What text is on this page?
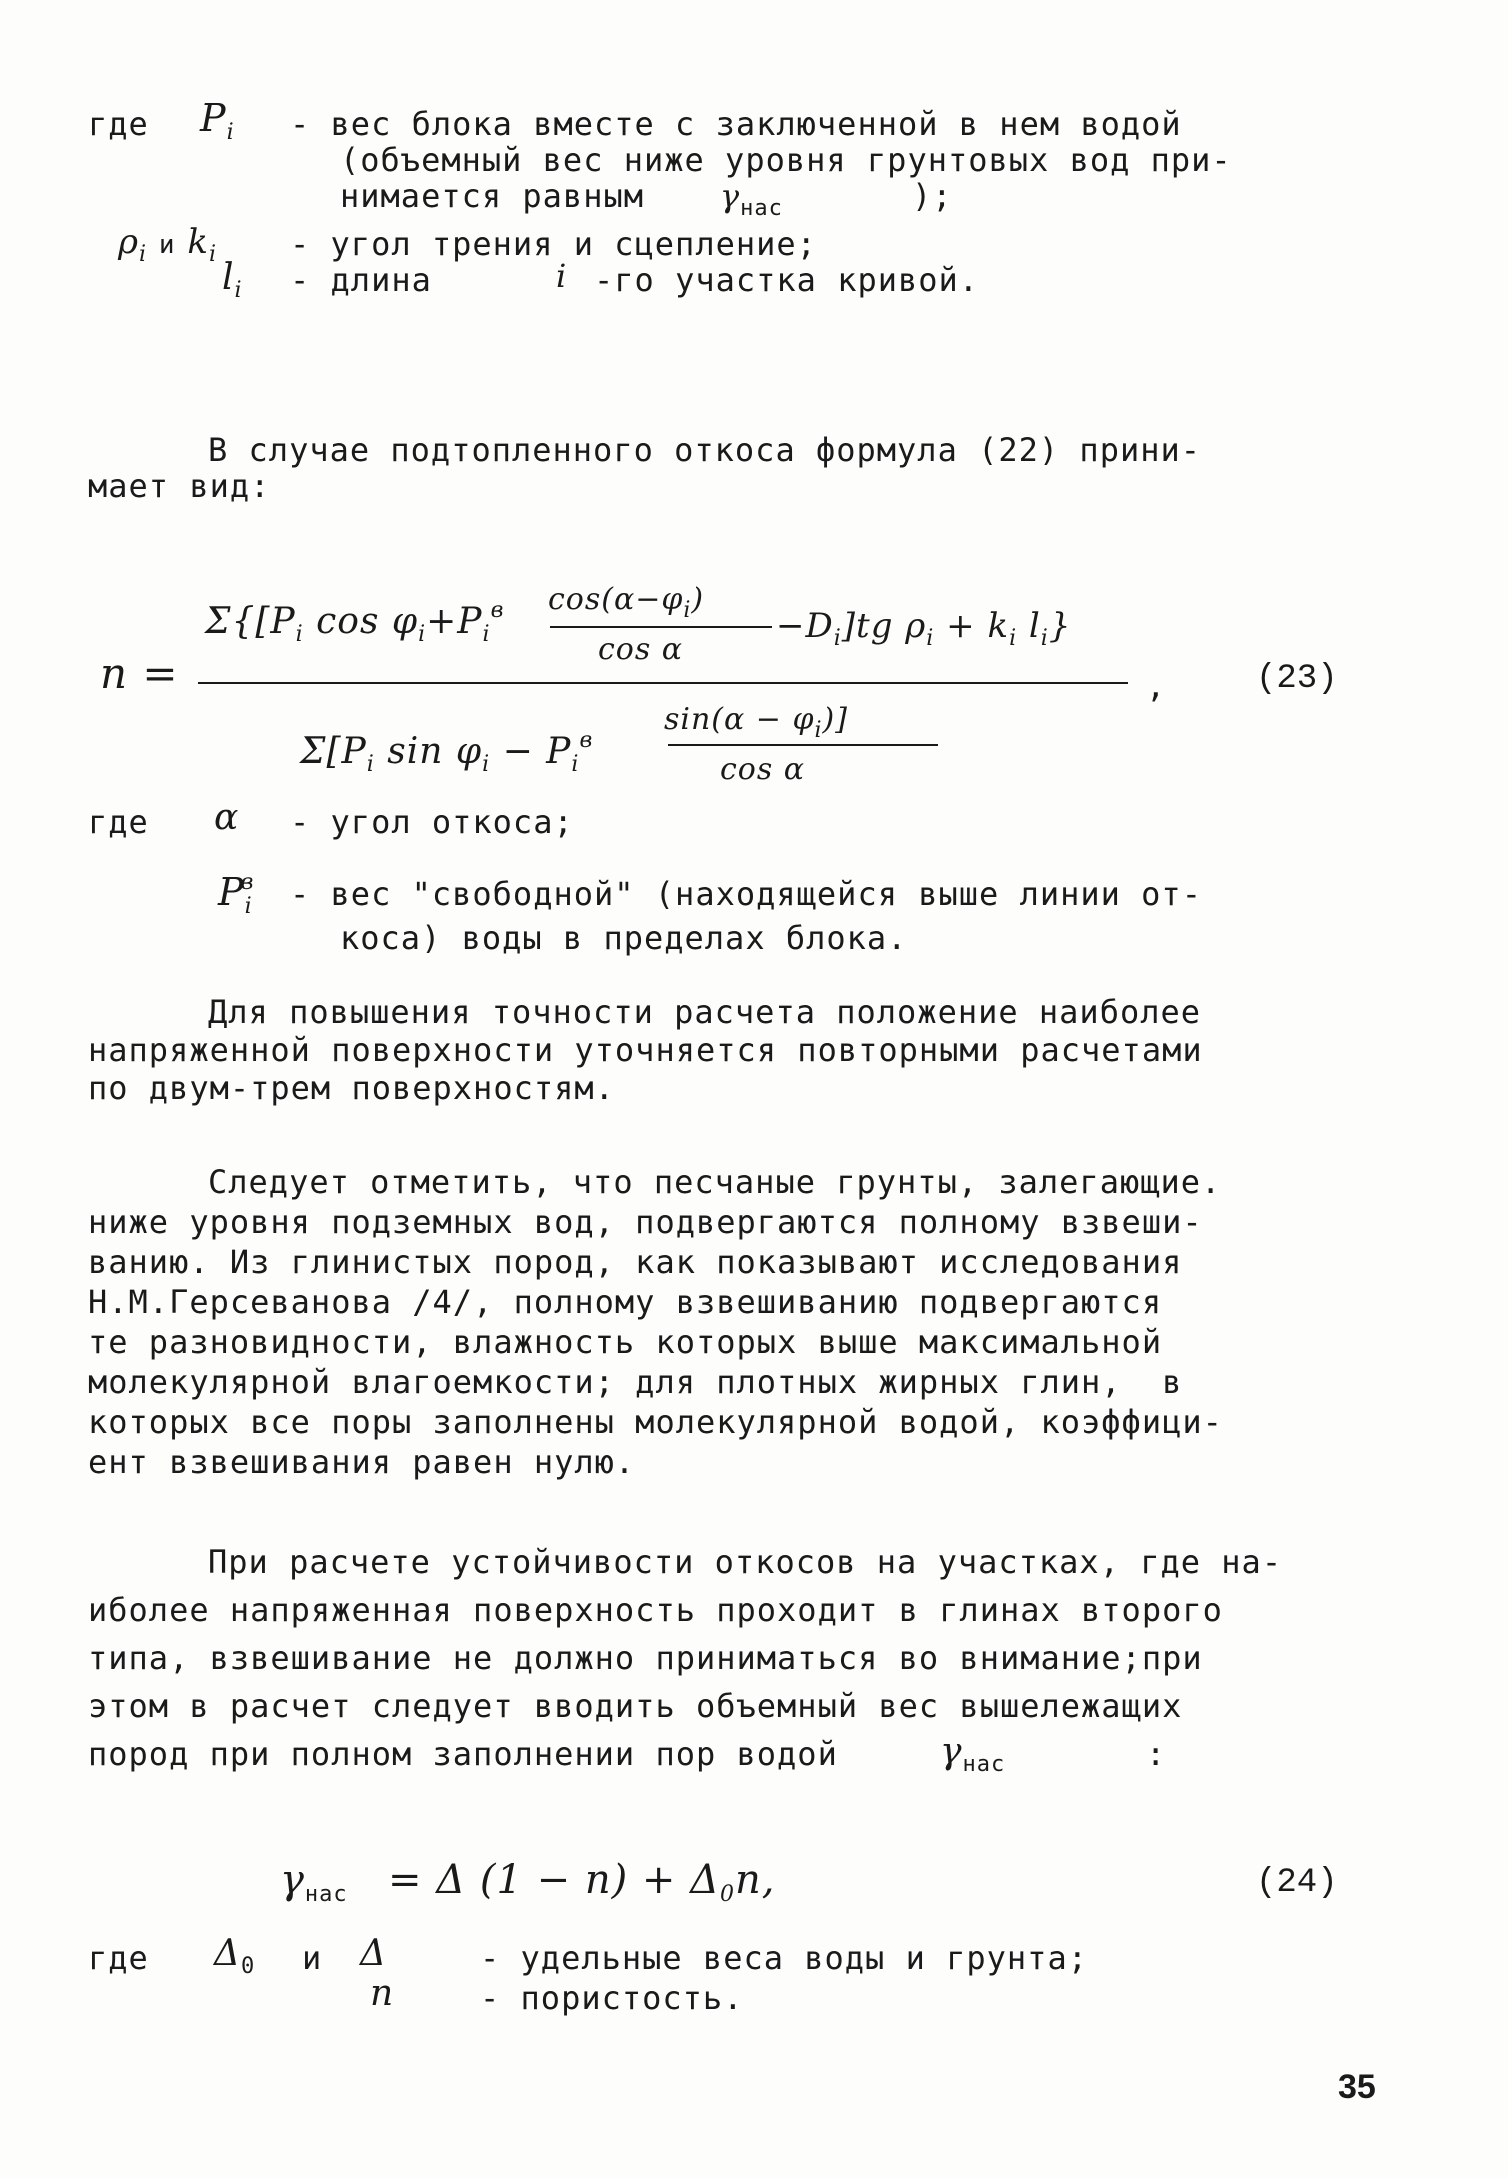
где $P_i$ - вес блока вместе с заключенной в нем водой
(объемный вес ниже уровня грунтовых вод при-
нимается равным $\gamma_{нас}$	);
$\rho_i$ и $k_i$ - угол трения и сцепление;
$l_i$ - длина	i -го участка кривой.
В случае подтопленного откоса формула (22) прини-
мает вид:
n =
$\Sigma\{[P_i$ $\cos \varphi_i+P_i^в$ $\cos(\alpha-\varphi_i)$
cos α
$-D_i]tg$ $\rho_i + k_i$ $l_i$}
$\Sigma[P_i$ $\sin \varphi_i - P_i^в$
$\sin(\alpha - \varphi_i)$]
cos α
,	(23)
где α - угол откоса;
$P_i^в$ - вес "свободной" (находящейся выше линии от-
коса) воды в пределах блока.
Для повышения точности расчета положение наиболее
напряженной поверхности уточняется повторными расчетами
по двум-трем поверхностям.
Следует отметить, что песчаные грунты, залегающие.
ниже уровня подземных вод, подвергаются полному взвеши-
ванию. Из глинистых пород, как показывают исследования
Н.М.Герсеванова /4/, полному взвешиванию подвергаются
те разновидности, влажность которых выше максимальной
молекулярной влагоемкости; для плотных жирных глин,  в
которых все поры заполнены молекулярной водой, коэффици-
ент взвешивания равен нулю.
При расчете устойчивости откосов на участках, где на-
иболее напряженная поверхность проходит в глинах второго
типа, взвешивание не должно приниматься во внимание;при
этом в расчет следует вводить объемный вес вышележащих
пород при полном заполнении пор водой	$\gamma_{нас}$	:
$\gamma_{нас} = \Delta$ $(1 - n) + \Delta_0n$,	(24)
где $\Delta_0$ и Δ	- удельные веса воды и грунта;
n	- пористость.
35
